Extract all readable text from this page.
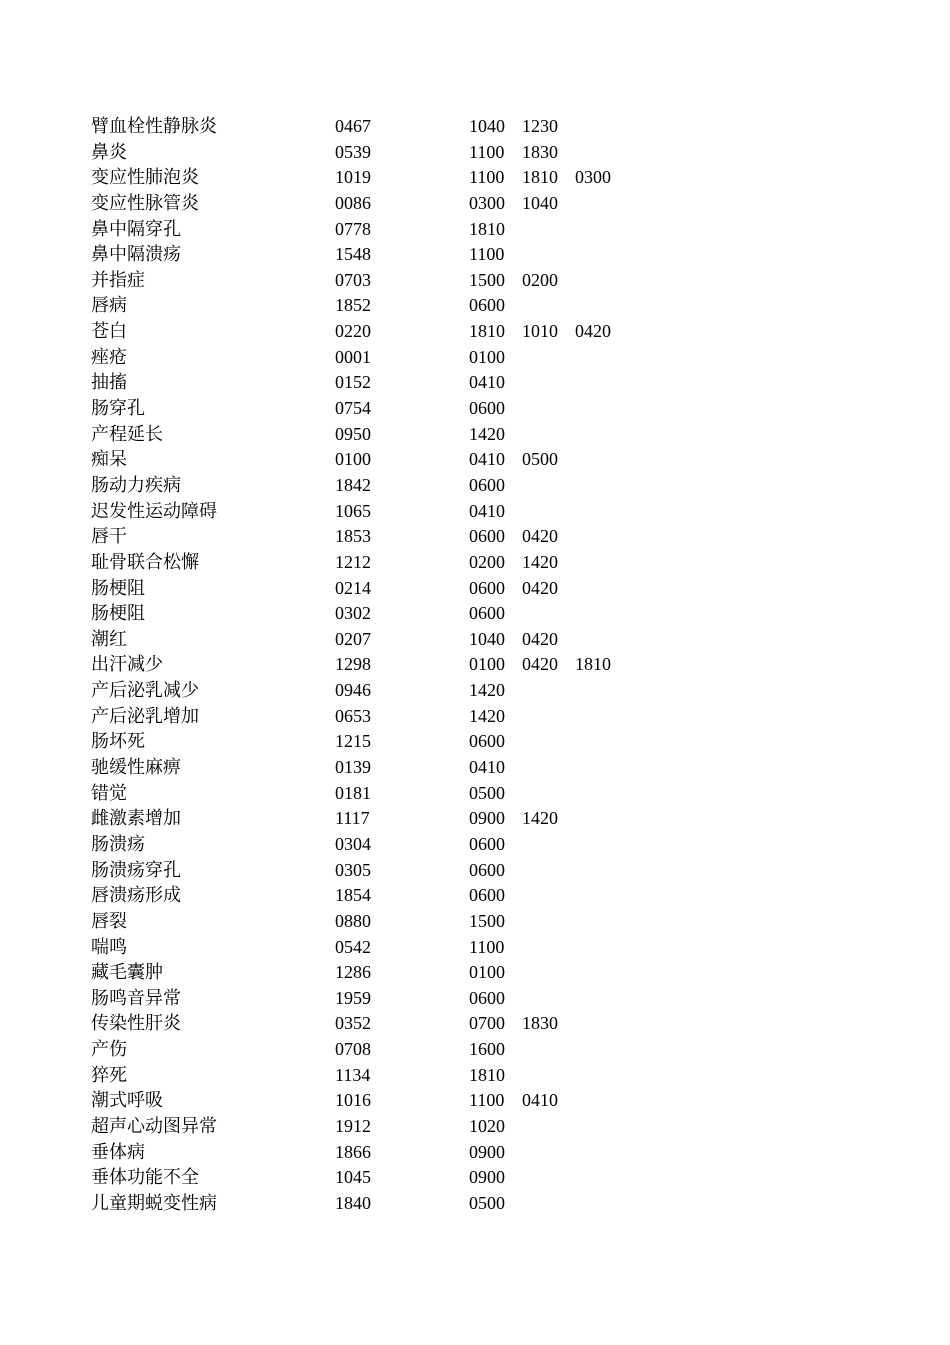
臂血栓性静脉炎	0467	1040 1230
鼻炎	0539	1100 1830
变应性肺泡炎	1019	1100 1810 0300
变应性脉管炎	0086	0300 1040
鼻中隔穿孔	0778	1810
鼻中隔溃疡	1548	1100
并指症	0703	1500 0200
唇病	1852	0600
苍白	0220	1810 1010 0420
痤疮	0001	0100
抽搐	0152	0410
肠穿孔	0754	0600
产程延长	0950	1420
痴呆	0100	0410 0500
肠动力疾病	1842	0600
迟发性运动障碍	1065	0410
唇干	1853	0600 0420
耻骨联合松懈	1212	0200 1420
肠梗阻	0214	0600 0420
肠梗阻	0302	0600
潮红	0207	1040 0420
出汗减少	1298	0100 0420 1810
产后泌乳减少	0946	1420
产后泌乳增加	0653	1420
肠坏死	1215	0600
驰缓性麻痹	0139	0410
错觉	0181	0500
雌激素增加	1117	0900 1420
肠溃疡	0304	0600
肠溃疡穿孔	0305	0600
唇溃疡形成	1854	0600
唇裂	0880	1500
喘鸣	0542	1100
藏毛囊肿	1286	0100
肠鸣音异常	1959	0600
传染性肝炎	0352	0700 1830
产伤	0708	1600
猝死	1134	1810
潮式呼吸	1016	1100 0410
超声心动图异常	1912	1020
垂体病	1866	0900
垂体功能不全	1045	0900
儿童期蜕变性病	1840	0500
